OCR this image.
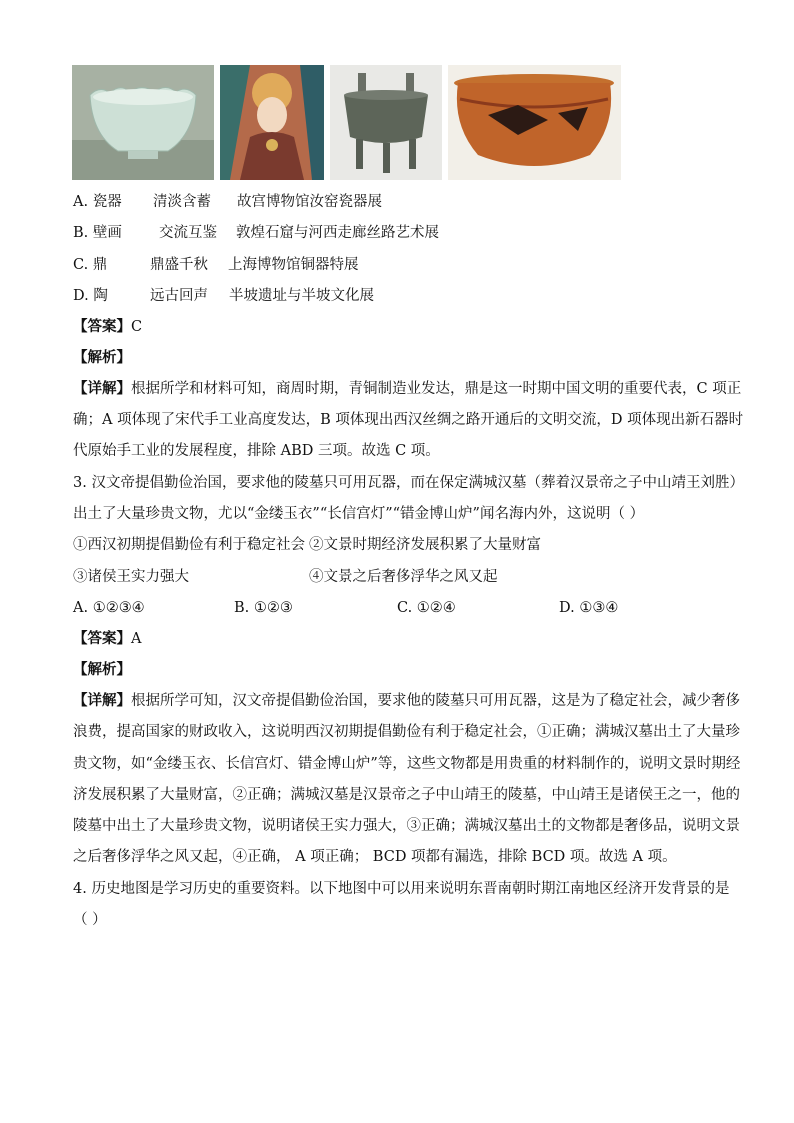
A. 瓷器 清淡含蓄 故宫博物馆汝窑瓷器展
B. 壁画	交流互鉴 敦煌石窟与河西走廊丝路艺术展
C. 鼎	鼎盛千秋 上海博物馆铜器特展
D. 陶	远古回声 半坡遗址与半坡文化展
【答案】C
【解析】
【详解】根据所学和材料可知，商周时期，青铜制造业发达，鼎是这一时期中国文明的重要代表，C 项正
确；A 项体现了宋代手工业高度发达，B 项体现出西汉丝绸之路开通后的文明交流，D 项体现出新石器时
代原始手工业的发展程度，排除 ABD 三项。故选 C 项。
3. 汉文帝提倡勤俭治国，要求他的陵墓只可用瓦器，而在保定满城汉墓（葬着汉景帝之子中山靖王刘胜）
出土了大量珍贵文物，尤以“金缕玉衣”“长信宫灯”“错金博山炉”闻名海内外，这说明（ ）
①西汉初期提倡勤俭有利于稳定社会 ②文景时期经济发展积累了大量财富
③诸侯王实力强大	④文景之后奢侈浮华之风又起
A. ①②③④	B. ①②③	C. ①②④	D. ①③④
【答案】A
【解析】
【详解】根据所学可知，汉文帝提倡勤俭治国，要求他的陵墓只可用瓦器，这是为了稳定社会，减少奢侈
浪费，提高国家的财政收入，这说明西汉初期提倡勤俭有利于稳定社会，①正确；满城汉墓出土了大量珍
贵文物，如“金缕玉衣、长信宫灯、错金博山炉”等，这些文物都是用贵重的材料制作的，说明文景时期经
济发展积累了大量财富，②正确；满城汉墓是汉景帝之子中山靖王的陵墓，中山靖王是诸侯王之一，他的
陵墓中出土了大量珍贵文物，说明诸侯王实力强大，③正确；满城汉墓出土的文物都是奢侈品，说明文景
之后奢侈浮华之风又起，④正确， A 项正确； BCD 项都有漏选，排除 BCD 项。故选 A 项。
4. 历史地图是学习历史的重要资料。以下地图中可以用来说明东晋南朝时期江南地区经济开发背景的是
（ ）
